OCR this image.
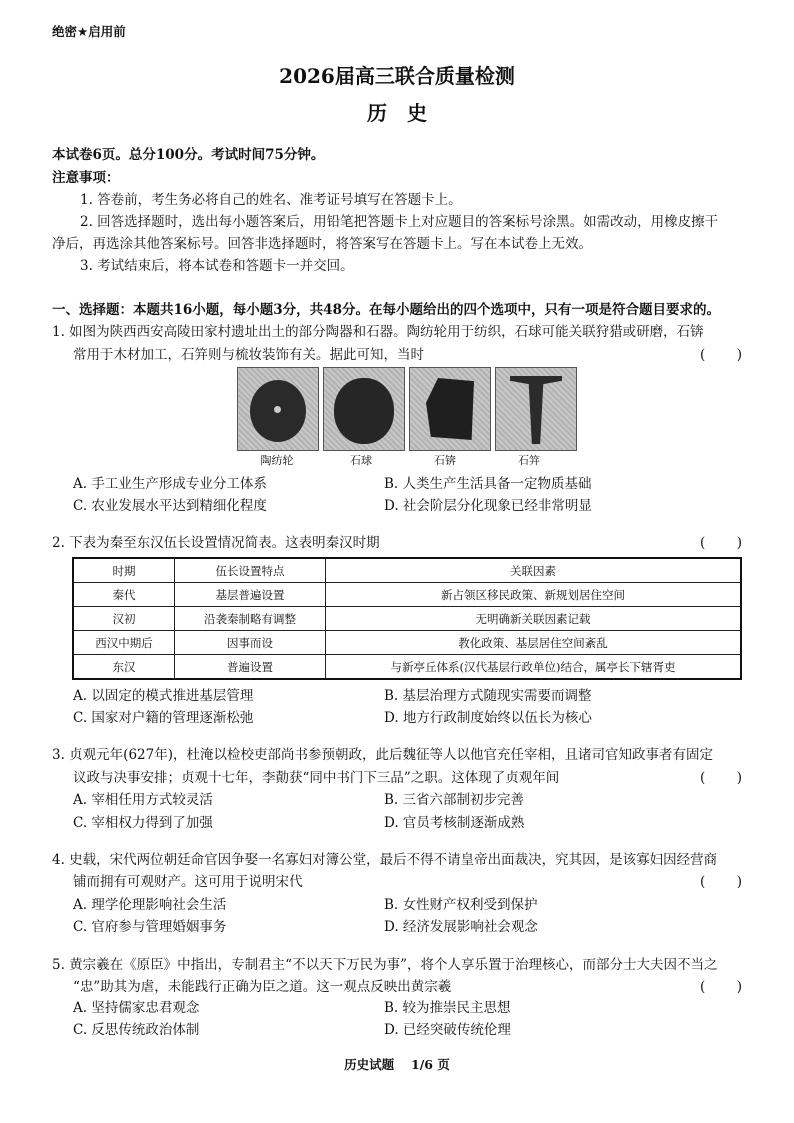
绝密★启用前
2026届高三联合质量检测
历　史
本试卷6页。总分100分。考试时间75分钟。
注意事项：
1. 答卷前，考生务必将自己的姓名、准考证号填写在答题卡上。
2. 回答选择题时，选出每小题答案后，用铅笔把答题卡上对应题目的答案标号涂黑。如需改动，用橡皮擦干
净后，再选涂其他答案标号。回答非选择题时，将答案写在答题卡上。写在本试卷上无效。
3. 考试结束后，将本试卷和答题卡一并交回。
一、选择题：本题共16小题，每小题3分，共48分。在每小题给出的四个选项中，只有一项是符合题目要求的。
1. 如图为陕西西安高陵田家村遗址出土的部分陶器和石器。陶纺轮用于纺织，石球可能关联狩猎或研磨，石锛
常用于木材加工，石笄则与梳妆装饰有关。据此可知，当时	( )
陶纺轮	石球	石锛	石笄
A. 手工业生产形成专业分工体系	B. 人类生产生活具备一定物质基础
C. 农业发展水平达到精细化程度	D. 社会阶层分化现象已经非常明显
2. 下表为秦至东汉伍长设置情况简表。这表明秦汉时期	( )
时期	伍长设置特点	关联因素
秦代	基层普遍设置	新占领区移民政策、新规划居住空间
汉初	沿袭秦制略有调整	无明确新关联因素记载
西汉中期后	因事而设	教化政策、基层居住空间紊乱
东汉	普遍设置	与新亭丘体系(汉代基层行政单位)结合，属亭长下辖胥吏
A. 以固定的模式推进基层管理	B. 基层治理方式随现实需要而调整
C. 国家对户籍的管理逐渐松弛	D. 地方行政制度始终以伍长为核心
3. 贞观元年(627年)，杜淹以检校吏部尚书参预朝政，此后魏征等人以他官充任宰相，且诸司官知政事者有固定
议政与决事安排；贞观十七年，李勣获“同中书门下三品”之职。这体现了贞观年间	( )
A. 宰相任用方式较灵活	B. 三省六部制初步完善
C. 宰相权力得到了加强	D. 官员考核制逐渐成熟
4. 史载，宋代两位朝廷命官因争娶一名寡妇对簿公堂，最后不得不请皇帝出面裁决，究其因，是该寡妇因经营商
铺而拥有可观财产。这可用于说明宋代	( )
A. 理学伦理影响社会生活	B. 女性财产权利受到保护
C. 官府参与管理婚姻事务	D. 经济发展影响社会观念
5. 黄宗羲在《原臣》中指出，专制君主“不以天下万民为事”，将个人享乐置于治理核心，而部分士大夫因不当之
“忠”助其为虐，未能践行正确为臣之道。这一观点反映出黄宗羲	( )
A. 坚持儒家忠君观念	B. 较为推崇民主思想
C. 反思传统政治体制	D. 已经突破传统伦理
历史试题　 1/6 页
